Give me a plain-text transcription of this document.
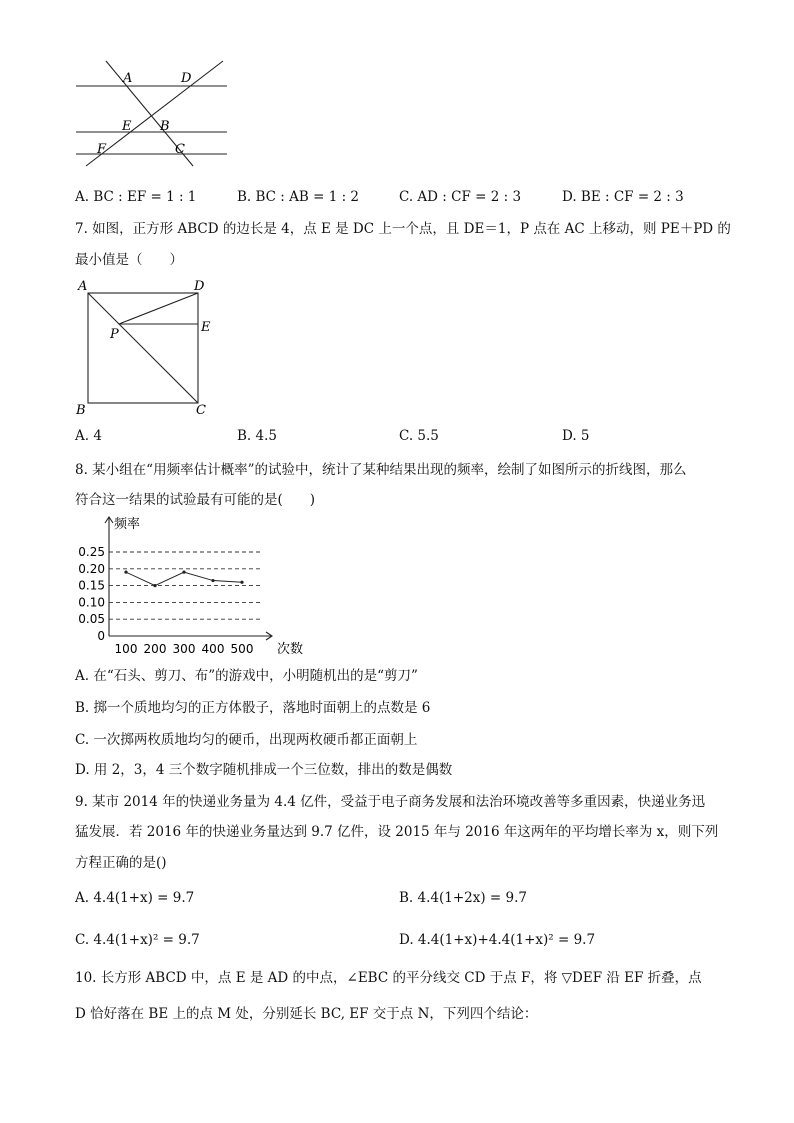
A	D
E B
F	C
A. BC : EF = 1 : 1	B. BC : AB = 1 : 2	C. AD : CF = 2 : 3	D. BE : CF = 2 : 3
7. 如图，正方形 ABCD 的边长是 4，点 E 是 DC 上一个点，且 DE＝1，P 点在 AC 上移动，则 PE＋PD 的
最小值是（　　）
A	D
E
P
B	C
A. 4	B. 4.5	C. 5.5	D. 5
8. 某小组在“用频率估计概率”的试验中，统计了某种结果出现的频率，绘制了如图所示的折线图，那么
符合这一结果的试验最有可能的是(　　)
0
0.05
0.10
0.15
0.20
0.25
100 200 300 400 500
频率
次数
A. 在“石头、剪刀、布”的游戏中，小明随机出的是“剪刀”
B. 掷一个质地均匀的正方体骰子，落地时面朝上的点数是 6
C. 一次掷两枚质地均匀的硬币，出现两枚硬币都正面朝上
D. 用 2，3，4 三个数字随机排成一个三位数，排出的数是偶数
9. 某市 2014 年的快递业务量为 4.4 亿件，受益于电子商务发展和法治环境改善等多重因素，快递业务迅
猛发展．若 2016 年的快递业务量达到 9.7 亿件，设 2015 年与 2016 年这两年的平均增长率为 x，则下列
方程正确的是()
A. 4.4(1+x) = 9.7	B. 4.4(1+2x) = 9.7
C. 4.4(1+x)² = 9.7	D. 4.4(1+x)+4.4(1+x)² = 9.7
10. 长方形 ABCD 中，点 E 是 AD 的中点，∠EBC 的平分线交 CD 于点 F，将 ▽DEF 沿 EF 折叠，点
D 恰好落在 BE 上的点 M 处，分别延长 BC, EF 交于点 N，下列四个结论：
